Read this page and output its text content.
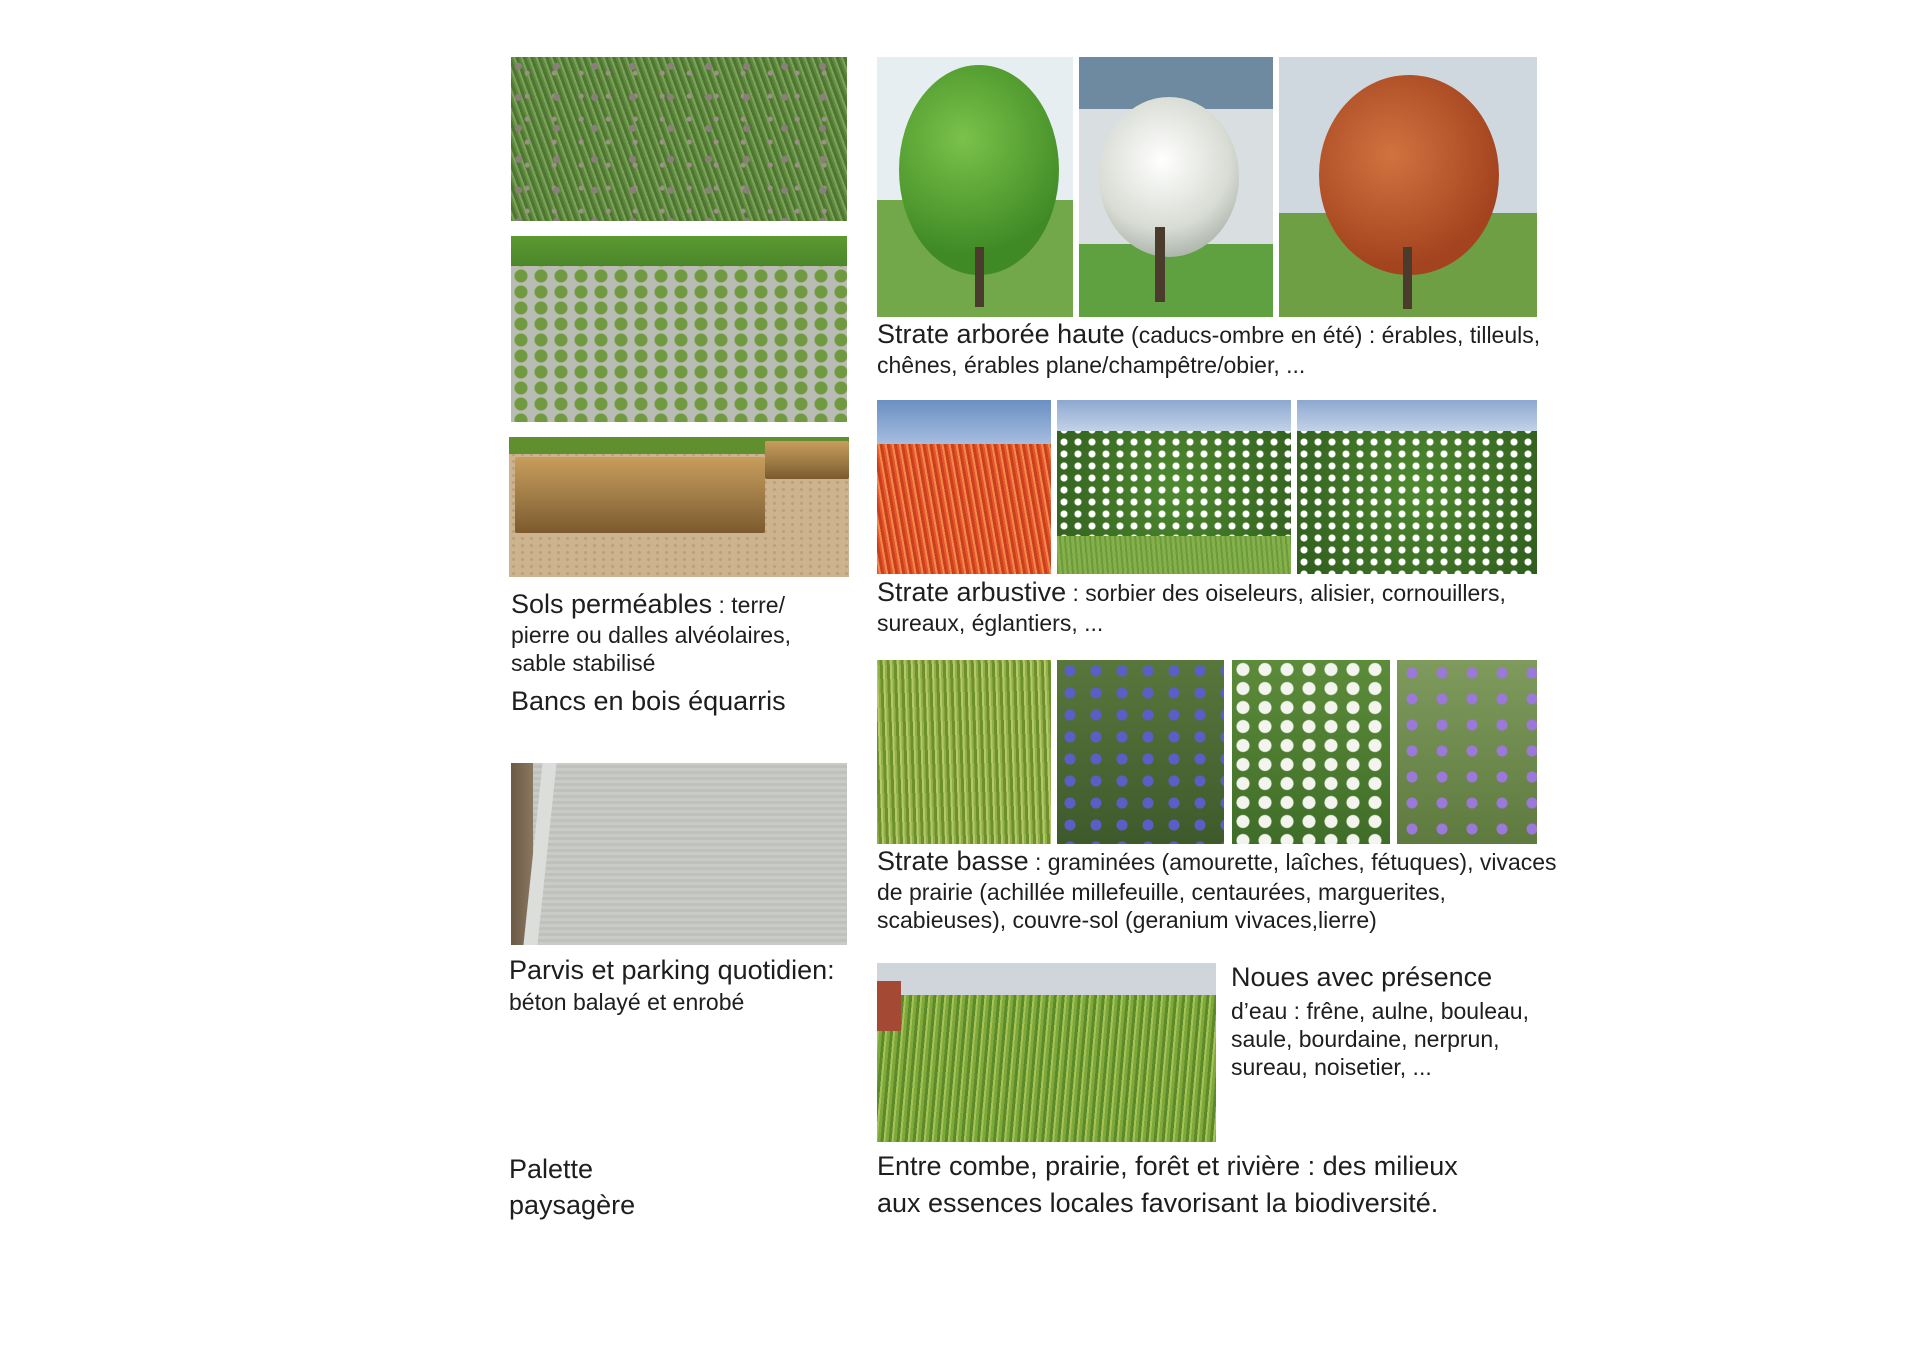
Sols perméables : terre/ pierre ou dalles alvéolaires, sable stabilisé

Bancs en bois équarris

Parvis et parking quotidien:

béton balayé et enrobé

Palette

paysagère

Strate arborée haute (caducs-ombre en été) : érables, tilleuls, chênes, érables plane/champêtre/obier, ...

Strate arbustive : sorbier des oiseleurs, alisier, cornouillers, sureaux, églantiers, ...

Strate basse : graminées (amourette, laîches, fétuques), vivaces de prairie (achillée millefeuille, centaurées, marguerites, scabieuses), couvre-sol (geranium vivaces,lierre)

Noues avec présence

d’eau : frêne, aulne, bouleau, saule, bourdaine, nerprun, sureau, noisetier, ...

Entre combe, prairie, forêt et rivière : des milieux

aux essences locales favorisant la biodiversité.
